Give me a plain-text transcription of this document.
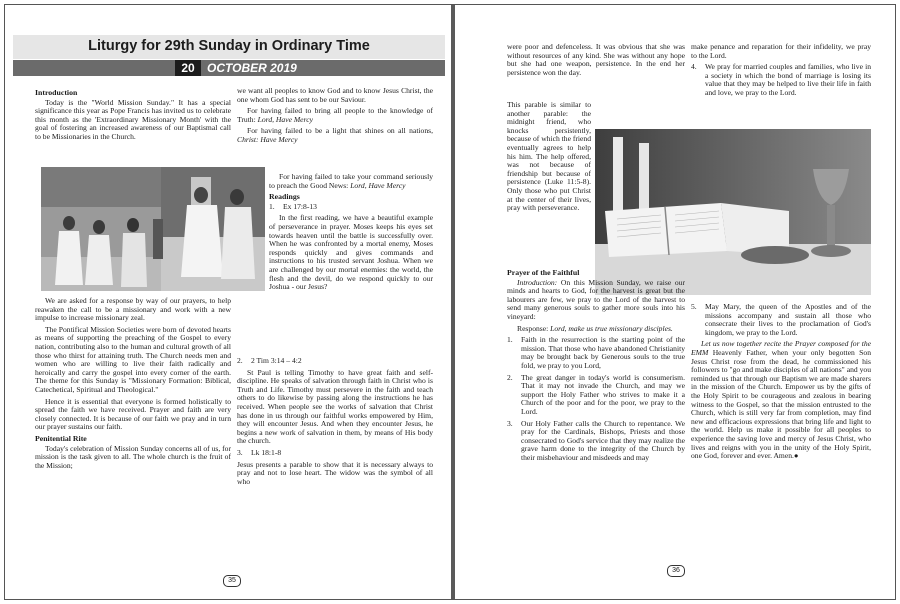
Liturgy for 29th Sunday in Ordinary Time
20	OCTOBER 2019
Introduction

Today is the "World Mission Sunday." It has a special significance this year as Pope Francis has invited us to celebrate this month as the 'Extraordinary Missionary Month' with the goal of fostering an increased awareness of our Baptismal call to be Missionaries in the Church.

We are asked for a response by way of our prayers, to help reawaken the call to be a missionary and work with a new impulse to increase missionary zeal.

The Pontifical Mission Societies were born of devoted hearts as means of supporting the preaching of the Gospel to every nation, contributing also to the human and cultural growth of all those who thirst for attaining truth. The Church needs men and women who are willing to live their faith radically and heroically and carry the gospel into every corner of the earth. The theme for this Sunday is "Missionary Formation: Biblical, Catechetical, Spiritual and Theological."

Hence it is essential that everyone is formed holistically to spread the faith we have received. Prayer and faith are very closely connected. It is because of our faith we pray and in turn our prayer sustains our faith.

Penitential Rite

Today's celebration of Mission Sunday concerns all of us, for mission is the task given to all. The whole church is the fruit of the Mission;

we want all peoples to know God and to know Jesus Christ, the one whom God has sent to be our Saviour.

For having failed to bring all people to the knowledge of Truth: Lord, Have Mercy

For having failed to be a light that shines on all nations, Christ: Have Mercy

For having failed to take your command seriously to preach the Good News: Lord, Have Mercy

Readings
1.	Ex 17:8-13

In the first reading, we have a beautiful example of perseverance in prayer. Moses keeps his eyes set towards heaven until the battle is successfully over. When he was confronted by a mortal enemy, Moses responds quickly and gives commands and instructions to his trusted servant Joshua. When we are challenged by our mortal enemies: the world, the flesh and the devil, do we respond quickly to our Joshua - our Jesus?

2.	2 Tim 3:14 – 4:2

St Paul is telling Timothy to have great faith and self-discipline. He speaks of salvation through faith in Christ who is Truth and Life. Timothy must persevere in the faith and teach others to do likewise by passing along the instructions he has received. When people see the works of salvation that Christ has done in us through our faithful works empowered by Him, they will encounter Jesus. And when they encounter Jesus, he begins a new work of salvation in them, by means of His body the church.

3.	Lk 18:1-8

Jesus presents a parable to show that it is necessary always to pray and not to lose heart. The widow was the symbol of all who

35

were poor and defenceless. It was obvious that she was without resources of any kind. She was without any hope but she had one weapon, persistence. In the end her persistence won the day.

This parable is similar to another parable: the midnight friend, who knocks persistently, because of which the friend eventually agrees to help his him. The help offered, was not because of friendship but because of persistence (Luke 11:5-8). Only those who put Christ at the center of their lives, pray with perseverance.

Prayer of the Faithful

Introduction: On this Mission Sunday, we raise our minds and hearts to God, for the harvest is great but the labourers are few, we pray to the Lord of the harvest to send many generous souls to gather more souls into his vineyard:

Response: Lord, make us true missionary disciples.

1.	Faith in the resurrection is the starting point of the mission. That those who have abandoned Christianity may be brought back by Generous souls to the true fold, we pray to you Lord,
2.	The great danger in today's world is consumerism. That it may not invade the Church, and may we support the Holy Father who strives to make it a Church of the poor and for the poor, we pray to the Lord.
3.	Our Holy Father calls the Church to repentance. We pray for the Cardinals, Bishops, Priests and those consecrated to God's service that they may realize the grave harm done to the integrity of the Church by their misbehaviour and misdeeds and may

make penance and reparation for their infidelity, we pray to the Lord.

4.	We pray for married couples and families, who live in a society in which the bond of marriage is losing its value that they may be helped to live their life in faith and love, we pray to the Lord.
5.	May Mary, the queen of the Apostles and of the missions accompany and sustain all those who consecrate their lives to the proclamation of God's kingdom, we pray to the Lord.

Let us now together recite the Prayer composed for the EMM Heavenly Father, when your only begotten Son Jesus Christ rose from the dead, he commissioned his followers to "go and make disciples of all nations" and you reminded us that through our Baptism we are made sharers in the mission of the Church. Empower us by the gifts of the Holy Spirit to be courageous and zealous in bearing witness to the Gospel, so that the mission entrusted to the Church, which is still very far from completion, may find new and efficacious expressions that bring life and light to the world. Help us make it possible for all peoples to experience the saving love and mercy of Jesus Christ, who lives and reigns with you in the unity of the Holy Spirit, one God, forever and ever. Amen.●

36
